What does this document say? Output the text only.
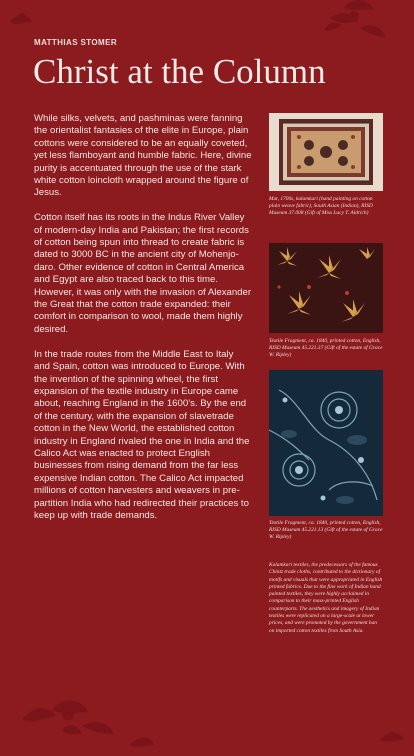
MATTHIAS STOMER
Christ at the Column

While silks, velvets, and pashminas were fanning the orientalist fantasies of the elite in Europe, plain cottons were considered to be an equally coveted, yet less flamboyant and humble fabric. Here, divine purity is accentuated through the use of the stark white cotton loincloth wrapped around the figure of Jesus.

Cotton itself has its roots in the Indus River Valley of modern-day India and Pakistan; the first records of cotton being spun into thread to create fabric is dated to 3000 BC in the ancient city of Mohenjo-daro. Other evidence of cotton in Central America and Egypt are also traced back to this time. However, it was only with the invasion of Alexander the Great that the cotton trade expanded: their comfort in comparison to wool, made them highly desired.

In the trade routes from the Middle East to Italy and Spain, cotton was introduced to Europe. With the invention of the spinning wheel, the first expansion of the textile industry in Europe came about, reaching England in the 1600’s. By the end of the century, with the expansion of slavetrade cotton in the New World, the established cotton industry in England rivaled the one in India and the Calico Act was enacted to protect English businesses from rising demand from the far less expensive Indian cotton. The Calico Act impacted millions of cotton harvesters and weavers in pre-partition India who had redirected their practices to keep up with trade demands.

Mat, 1700s, kalamkari (hand painting on cotton plain weave fabric), South Asian (Indian), RISD Museum 37.008 (Gift of Miss Lucy T. Aldrich)
Textile Fragment, ca. 1840, printed cotton, English, RISD Museum 45.221.37 (Gift of the estate of Grace W. Ripley)
Textile Fragment, ca. 1840, printed cotton, English, RISD Museum 45.221.13 (Gift of the estate of Grace W. Ripley)
Kalamkari textiles, the predecessors of the famous Chintz trade cloths, contributed to the dictionary of motifs and visuals that were appropriated in English printed fabrics. Due to the fine work of Indian hand painted textiles, they were highly acclaimed in comparison to their mass-printed English counterparts. The aesthetics and imagery of Indian textiles were replicated on a large-scale at lower prices, and were promoted by the government ban on imported cotton textiles from South Asia.
